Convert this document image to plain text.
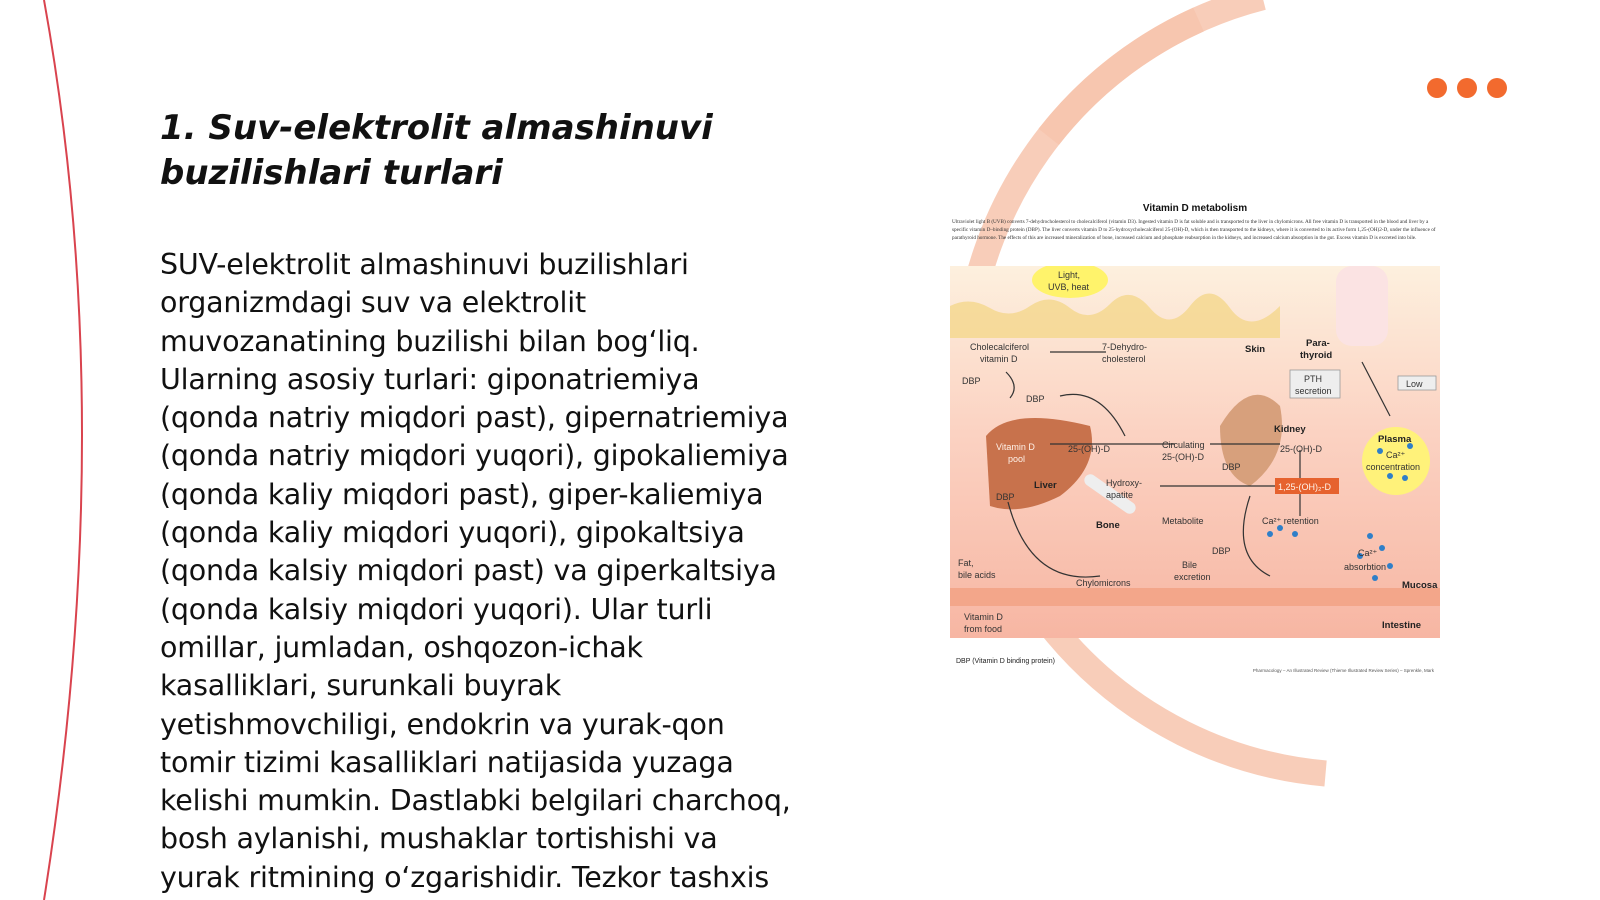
1. Suv-elektrolit almashinuvi
buzilishlari turlari

SUV-elektrolit almashinuvi buzilishlari
organizmdagi suv va elektrolit
muvozanatining buzilishi bilan bog‘liq.
Ularning asosiy turlari: giponatriemiya
(qonda natriy miqdori past), gipernatriemiya
(qonda natriy miqdori yuqori), gipokaliemiya
(qonda kaliy miqdori past), giper-kaliemiya
(qonda kaliy miqdori yuqori), gipokaltsiya
(qonda kalsiy miqdori past) va giperkaltsiya
(qonda kalsiy miqdori yuqori). Ular turli
omillar, jumladan, oshqozon-ichak
kasalliklari, surunkali buyrak
yetishmovchiligi, endokrin va yurak-qon
tomir tizimi kasalliklari natijasida yuzaga
kelishi mumkin. Dastlabki belgilari charchoq,
bosh aylanishi, mushaklar tortishishi va
yurak ritmining o‘zgarishidir. Tezkor tashxis

Vitamin D metabolism
Ultraviolet light B (UVB) converts 7-dehydrocholesterol to cholecalciferol (vitamin D3). Ingested vitamin D is fat soluble and is transported to the liver in chylomicrons. All free vitamin D is transported in the blood and liver by a specific vitamin D–binding protein (DBP). The liver converts vitamin D to 25-hydroxycholecalciferol 25-(OH)-D, which is then transported to the kidneys, where it is converted to its active form 1,25-(OH)2-D, under the influence of parathyroid hormone. The effects of this are increased mineralization of bone, increased calcium and phosphate reabsorption in the kidneys, and increased calcium absorption in the gut. Excess vitamin D is excreted into bile.
Light,
UVB, heat
Skin
Cholecalciferol
vitamin D
7-Dehydro-
cholesterol
Para-
thyroid
PTH
secretion
Low
DBP
DBP
Kidney
Plasma
Ca²⁺
concentration
Vitamin D
pool
25-(OH)-D	Circulating
25-(OH)-D
25-(OH)-D
DBP
Liver	1,25-(OH)₂-D
Hydroxy-
apatite
DBP
Bone	Metabolite	Ca²⁺ retention
DBP
Bile
excretion
Ca²⁺
absorbtion
Fat,
bile acids
Chylomicrons	Mucosa
Vitamin D
from food	Intestine
DBP (Vitamin D binding protein)
Pharmacology – An Illustrated Review (Thieme Illustrated Review Series) – Sprenkle, Mark
